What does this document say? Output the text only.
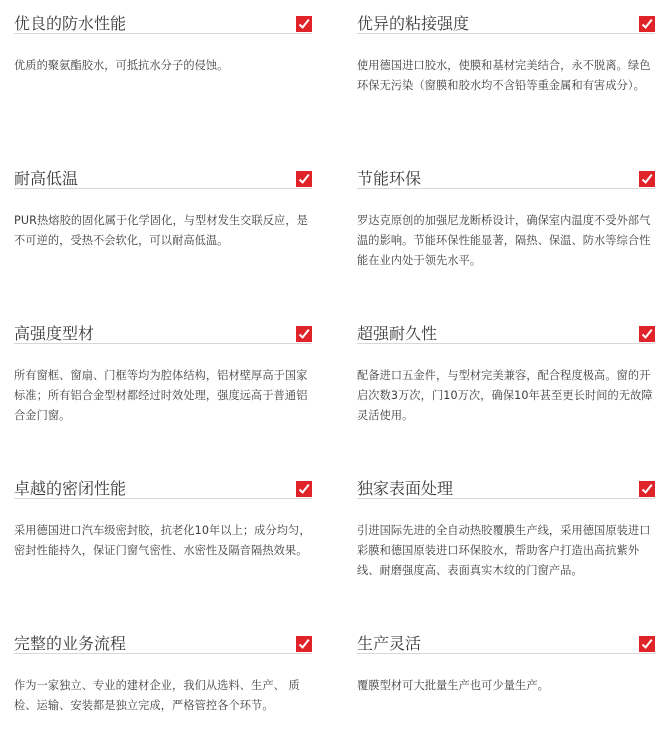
优良的防水性能
优质的聚氨酯胶水，可抵抗水分子的侵蚀。
优异的粘接强度
使用德国进口胶水，使膜和基材完美结合，永不脱离。绿色环保无污染（窗膜和胶水均不含铅等重金属和有害成分）。
耐高低温
PUR热熔胶的固化属于化学固化，与型材发生交联反应，是不可逆的，受热不会软化，可以耐高低温。
节能环保
罗达克原创的加强尼龙断桥设计，确保室内温度不受外部气温的影响。节能环保性能显著，隔热、保温、防水等综合性能在业内处于领先水平。
高强度型材
所有窗框、窗扇、门框等均为腔体结构，铝材壁厚高于国家标准；所有铝合金型材都经过时效处理，强度远高于普通铝合金门窗。
超强耐久性
配备进口五金件，与型材完美兼容，配合程度极高。窗的开启次数3万次，门10万次，确保10年甚至更长时间的无故障灵活使用。
卓越的密闭性能
采用德国进口汽车级密封胶，抗老化10年以上；成分均匀，密封性能持久，保证门窗气密性、水密性及隔音隔热效果。
独家表面处理
引进国际先进的全自动热胶覆膜生产线，采用德国原装进口彩膜和德国原装进口环保胶水，帮助客户打造出高抗紫外线、耐磨强度高、表面真实木纹的门窗产品。
完整的业务流程
作为一家独立、专业的建材企业，我们从选料、生产、 质检、运输、安装都是独立完成，严格管控各个环节。
生产灵活
覆膜型材可大批量生产也可少量生产。
